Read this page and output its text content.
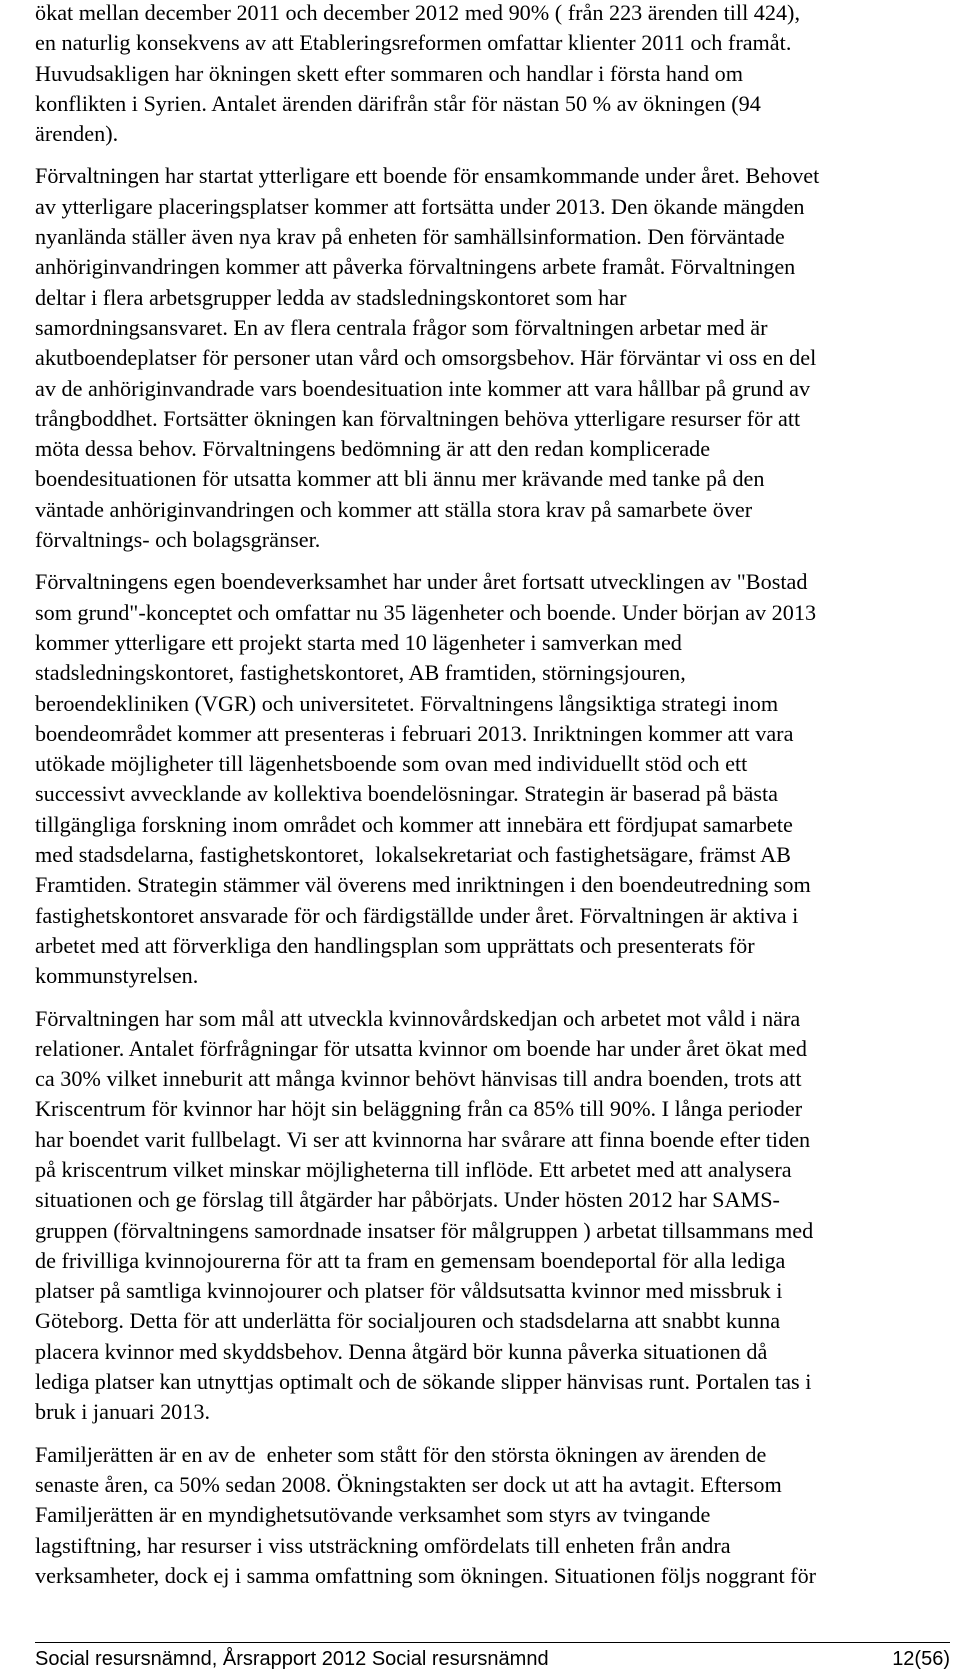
ökat mellan december 2011 och december 2012 med 90% ( från 223 ärenden till 424),
en naturlig konsekvens av att Etableringsreformen omfattar klienter 2011 och framåt.
Huvudsakligen har ökningen skett efter sommaren och handlar i första hand om
konflikten i Syrien. Antalet ärenden därifrån står för nästan 50 % av ökningen (94
ärenden).

Förvaltningen har startat ytterligare ett boende för ensamkommande under året. Behovet
av ytterligare placeringsplatser kommer att fortsätta under 2013. Den ökande mängden
nyanlända ställer även nya krav på enheten för samhällsinformation. Den förväntade
anhöriginvandringen kommer att påverka förvaltningens arbete framåt. Förvaltningen
deltar i flera arbetsgrupper ledda av stadsledningskontoret som har
samordningsansvaret. En av flera centrala frågor som förvaltningen arbetar med är
akutboendeplatser för personer utan vård och omsorgsbehov. Här förväntar vi oss en del
av de anhöriginvandrade vars boendesituation inte kommer att vara hållbar på grund av
trångboddhet. Fortsätter ökningen kan förvaltningen behöva ytterligare resurser för att
möta dessa behov. Förvaltningens bedömning är att den redan komplicerade
boendesituationen för utsatta kommer att bli ännu mer krävande med tanke på den
väntade anhöriginvandringen och kommer att ställa stora krav på samarbete över
förvaltnings- och bolagsgränser.

Förvaltningens egen boendeverksamhet har under året fortsatt utvecklingen av "Bostad
som grund"-konceptet och omfattar nu 35 lägenheter och boende. Under början av 2013
kommer ytterligare ett projekt starta med 10 lägenheter i samverkan med
stadsledningskontoret, fastighetskontoret, AB framtiden, störningsjouren,
beroendekliniken (VGR) och universitetet. Förvaltningens långsiktiga strategi inom
boendeområdet kommer att presenteras i februari 2013. Inriktningen kommer att vara
utökade möjligheter till lägenhetsboende som ovan med individuellt stöd och ett
successivt avvecklande av kollektiva boendelösningar. Strategin är baserad på bästa
tillgängliga forskning inom området och kommer att innebära ett fördjupat samarbete
med stadsdelarna, fastighetskontoret,  lokalsekretariat och fastighetsägare, främst AB
Framtiden. Strategin stämmer väl överens med inriktningen i den boendeutredning som
fastighetskontoret ansvarade för och färdigställde under året. Förvaltningen är aktiva i
arbetet med att förverkliga den handlingsplan som upprättats och presenterats för
kommunstyrelsen.

Förvaltningen har som mål att utveckla kvinnovårdskedjan och arbetet mot våld i nära
relationer. Antalet förfrågningar för utsatta kvinnor om boende har under året ökat med
ca 30% vilket inneburit att många kvinnor behövt hänvisas till andra boenden, trots att
Kriscentrum för kvinnor har höjt sin beläggning från ca 85% till 90%. I långa perioder
har boendet varit fullbelagt. Vi ser att kvinnorna har svårare att finna boende efter tiden
på kriscentrum vilket minskar möjligheterna till inflöde. Ett arbetet med att analysera
situationen och ge förslag till åtgärder har påbörjats. Under hösten 2012 har SAMS-
gruppen (förvaltningens samordnade insatser för målgruppen ) arbetat tillsammans med
de frivilliga kvinnojourerna för att ta fram en gemensam boendeportal för alla lediga
platser på samtliga kvinnojourer och platser för våldsutsatta kvinnor med missbruk i
Göteborg. Detta för att underlätta för socialjouren och stadsdelarna att snabbt kunna
placera kvinnor med skyddsbehov. Denna åtgärd bör kunna påverka situationen då
lediga platser kan utnyttjas optimalt och de sökande slipper hänvisas runt. Portalen tas i
bruk i januari 2013.

Familjerätten är en av de  enheter som stått för den största ökningen av ärenden de
senaste åren, ca 50% sedan 2008. Ökningstakten ser dock ut att ha avtagit. Eftersom
Familjerätten är en myndighetsutövande verksamhet som styrs av tvingande
lagstiftning, har resurser i viss utsträckning omfördelats till enheten från andra
verksamheter, dock ej i samma omfattning som ökningen. Situationen följs noggrant för

Social resursnämnd, Årsrapport 2012 Social resursnämnd	12(56)
